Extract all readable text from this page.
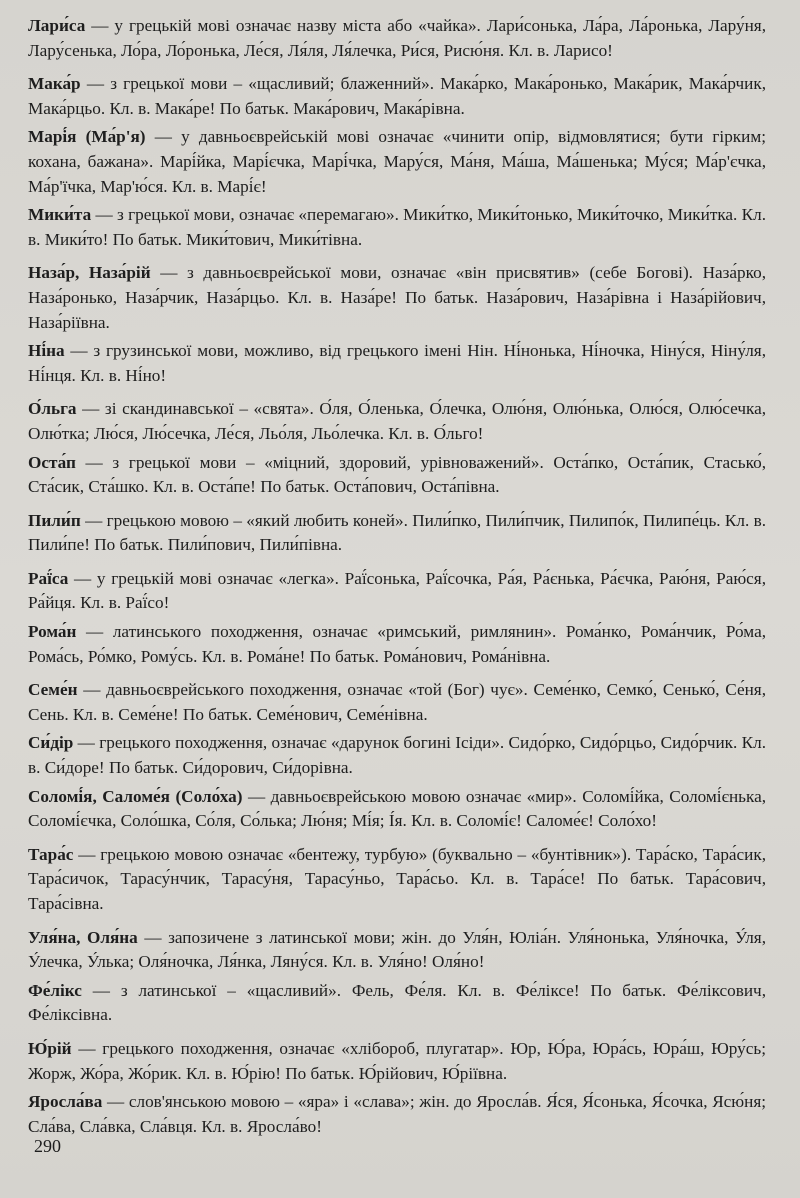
Лари́са — у грецькій мові означає назву міста або «чайка». Лари́сонька, Ла́ра, Ла́ронька, Лару́ня, Лару́сенька, Ло́ра, Ло́ронька, Ле́ся, Ля́ля, Ля́лечка, Ри́ся, Рисю́ня. Кл. в. Ларисо!

Мака́р — з грецької мови – «щасливий; блаженний». Мака́рко, Мака́ронько, Мака́рик, Мака́рчик, Мака́рцьо. Кл. в. Мака́ре! По батьк. Мака́рович, Мака́рівна.

Марі́я (Ма́р'я) — у давньоєврейській мові означає «чинити опір, відмовлятися; бути гірким; кохана, бажана». Марі́йка, Марі́єчка, Марі́чка, Мару́ся, Ма́ня, Ма́ша, Ма́шенька; Му́ся; Ма́р'єчка, Ма́р'їчка, Мар'ю́ся. Кл. в. Марі́є!

Мики́та — з грецької мови, означає «перемагаю». Мики́тко, Мики́тонько, Мики́точко, Мики́тка. Кл. в. Мики́то! По батьк. Мики́тович, Мики́тівна.

Наза́р, Наза́рій — з давньоєврейської мови, означає «він присвятив» (себе Богові). Наза́рко, Наза́ронько, Наза́рчик, Наза́рцьо. Кл. в. Наза́ре! По батьк. Наза́рович, Наза́рівна і Наза́рійович, Наза́ріївна.

Ні́на — з грузинської мови, можливо, від грецького імені Нін. Ні́нонька, Ні́ночка, Ніну́ся, Ніну́ля, Ні́нця. Кл. в. Ні́но!

О́льга — зі скандинавської – «свята». О́ля, О́ленька, О́лечка, Олю́ня, Олю́нька, Олю́ся, Олю́сечка, Олю́тка; Лю́ся, Лю́сечка, Ле́ся, Льо́ля, Льо́лечка. Кл. в. О́льго!

Оста́п — з грецької мови – «міцний, здоровий, урівноважений». Оста́пко, Оста́пик, Стасько́, Ста́сик, Ста́шко. Кл. в. Оста́пе! По батьк. Оста́пович, Оста́півна.

Пили́п — грецькою мовою – «який любить коней». Пили́пко, Пили́пчик, Пилипо́к, Пилипе́ць. Кл. в. Пили́пе! По батьк. Пили́пович, Пили́півна.

Раї́са — у грецькій мові означає «легка». Раї́сонька, Раї́сочка, Ра́я, Ра́єнька, Ра́єчка, Раю́ня, Раю́ся, Ра́йця. Кл. в. Раї́со!

Рома́н — латинського походження, означає «римський, римлянин». Рома́нко, Рома́нчик, Ро́ма, Рома́сь, Ро́мко, Рому́сь. Кл. в. Рома́не! По батьк. Рома́нович, Рома́нівна.

Семе́н — давньоєврейського походження, означає «той (Бог) чує». Семе́нко, Семко́, Сенько́, Се́ня, Сень. Кл. в. Семе́не! По батьк. Семе́нович, Семе́нівна.

Си́дір — грецького походження, означає «дарунок богині Ісіди». Сидо́рко, Сидо́рцьо, Сидо́рчик. Кл. в. Си́доре! По батьк. Си́дорович, Си́дорівна.

Соломі́я, Саломе́я (Соло́ха) — давньоєврейською мовою означає «мир». Соломі́йка, Соломі́єнька, Соломі́єчка, Соло́шка, Со́ля, Со́лька; Лю́ня; Мі́я; І́я. Кл. в. Соломі́є! Саломе́є! Соло́хо!

Тара́с — грецькою мовою означає «бентежу, турбую» (буквально – «бунтівник»). Тара́ско, Тара́сик, Тара́сичок, Тарасу́нчик, Тарасу́ня, Тарасу́ньо, Тара́сьо. Кл. в. Тара́се! По батьк. Тара́сович, Тара́сівна.

Уля́на, Оля́на — запозичене з латинської мови; жін. до Уля́н, Юліа́н. Уля́нонька, Уля́ночка, У́ля, У́лечка, У́лька; Оля́ночка, Ля́нка, Ляну́ся. Кл. в. Уля́но! Оля́но!

Фе́лікс — з латинської – «щасливий». Фель, Фе́ля. Кл. в. Фе́ліксе! По батьк. Фе́ліксович, Фе́ліксівна.

Ю́рій — грецького походження, означає «хлібороб, плугатар». Юр, Ю́ра, Юра́сь, Юра́ш, Юру́сь; Жорж, Жо́ра, Жо́рик. Кл. в. Ю́рію! По батьк. Ю́рійович, Ю́ріївна.

Яросла́ва — слов'янською мовою – «яра» і «слава»; жін. до Яросла́в. Я́ся, Я́сонька, Я́сочка, Ясю́ня; Сла́ва, Сла́вка, Сла́вця. Кл. в. Яросла́во!

290
